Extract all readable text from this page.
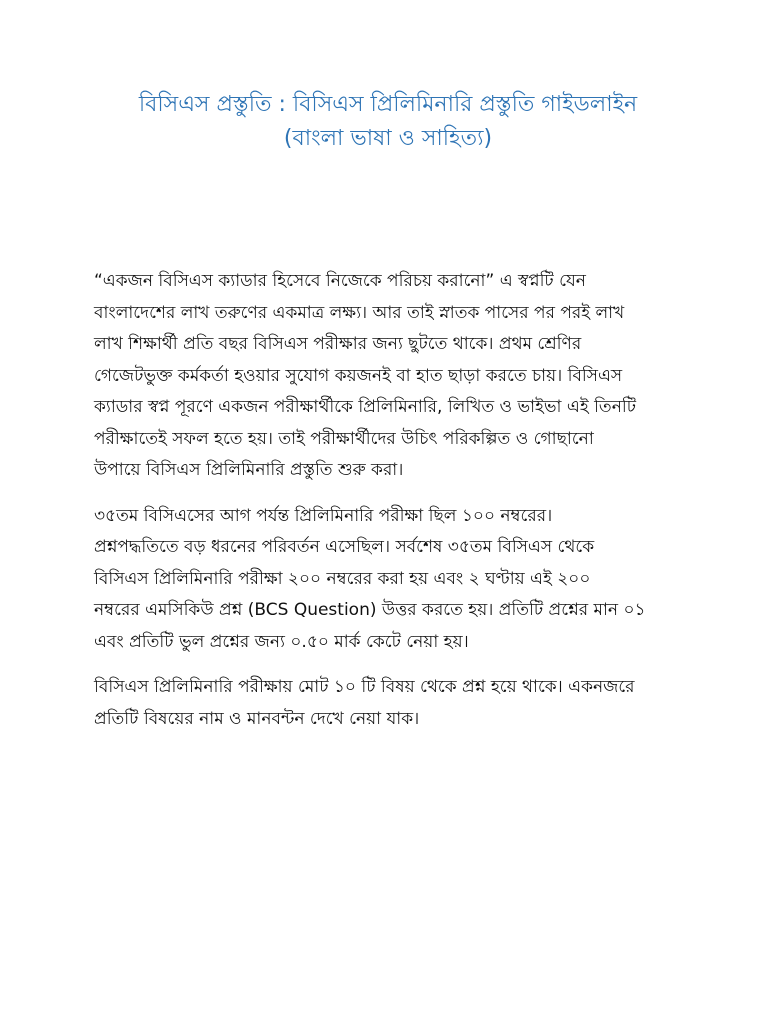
বিসিএস প্রস্তুতি : বিসিএস প্রিলিমিনারি প্রস্তুতি গাইডলাইন
(বাংলা ভাষা ও সাহিত্য)

“একজন বিসিএস ক্যাডার হিসেবে নিজেকে পরিচয় করানো” এ স্বপ্নটি যেন
বাংলাদেশের লাখ তরুণের একমাত্র লক্ষ্য। আর তাই স্নাতক পাসের পর পরই লাখ
লাখ শিক্ষার্থী প্রতি বছর বিসিএস পরীক্ষার জন্য ছুটতে থাকে। প্রথম শ্রেণির
গেজেটভুক্ত কর্মকর্তা হওয়ার সুযোগ কয়জনই বা হাত ছাড়া করতে চায়। বিসিএস
ক্যাডার স্বপ্ন পূরণে একজন পরীক্ষার্থীকে প্রিলিমিনারি, লিখিত ও ভাইভা এই তিনটি
পরীক্ষাতেই সফল হতে হয়। তাই পরীক্ষার্থীদের উচিৎ পরিকল্পিত ও গোছানো
উপায়ে বিসিএস প্রিলিমিনারি প্রস্তুতি শুরু করা।

৩৫তম বিসিএসের আগ পর্যন্ত প্রিলিমিনারি পরীক্ষা ছিল ১০০ নম্বরের।
প্রশ্নপদ্ধতিতে বড় ধরনের পরিবর্তন এসেছিল। সর্বশেষ ৩৫তম বিসিএস থেকে
বিসিএস প্রিলিমিনারি পরীক্ষা ২০০ নম্বরের করা হয় এবং ২ ঘণ্টায় এই ২০০
নম্বরের এমসিকিউ প্রশ্ন (BCS Question) উত্তর করতে হয়। প্রতিটি প্রশ্নের মান ০১
এবং প্রতিটি ভুল প্রশ্নের জন্য ০.৫০ মার্ক কেটে নেয়া হয়।

বিসিএস প্রিলিমিনারি পরীক্ষায় মোট ১০ টি বিষয় থেকে প্রশ্ন হয়ে থাকে। একনজরে
প্রতিটি বিষয়ের নাম ও মানবন্টন দেখে নেয়া যাক।
